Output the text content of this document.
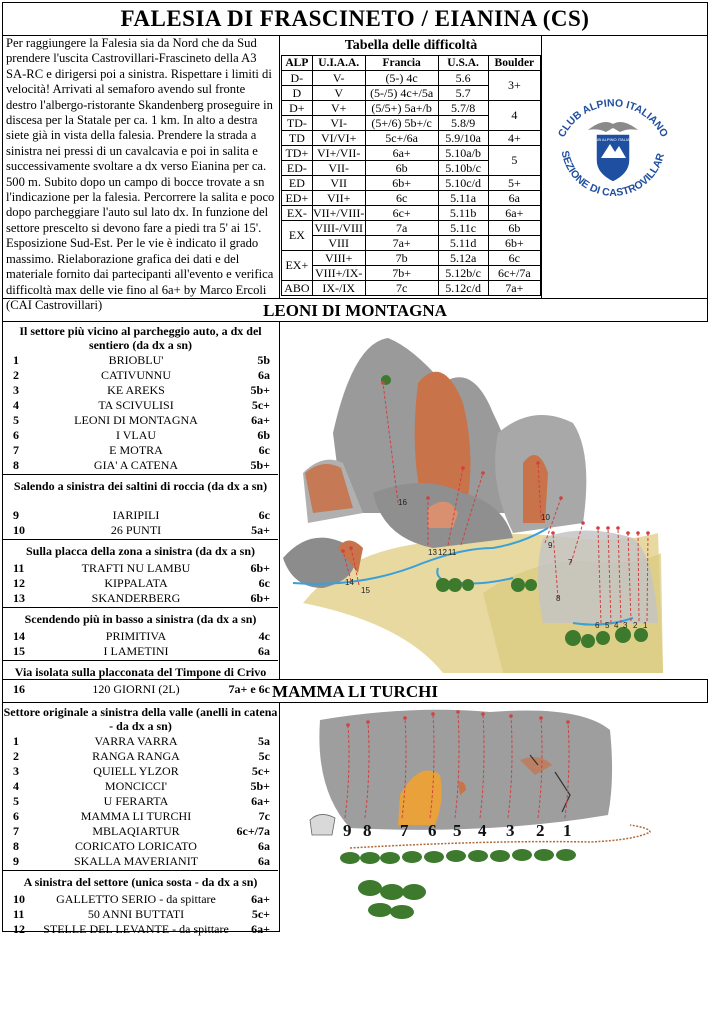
FALESIA DI FRASCINETO / EIANINA (CS)
Per raggiungere la Falesia sia da Nord che da Sud prendere l'uscita Castrovillari-Frascineto della A3 SA-RC e dirigersi poi a sinistra. Rispettare i limiti di velocità! Arrivati al semaforo avendo sul fronte destro l'albergo-ristorante Skandenberg proseguire in discesa per la Statale per ca. 1 km. In alto a destra siete già in vista della falesia. Prendere la strada a sinistra nei pressi di un cavalcavia e poi in salita e successivamente svoltare a dx verso Eianina per ca. 500 m. Subito dopo un campo di bocce trovate a sn l'indicazione per la falesia. Percorrere la salita e poco dopo parcheggiare l'auto sul lato dx. In funzione del settore prescelto si devono fare a piedi tra 5' ai 15'. Esposizione Sud-Est. Per le vie è indicato il grado massimo. Rielaborazione grafica dei dati e del materiale fornito dai partecipanti all'evento e verifica difficoltà max delle vie fino al 6a+ by Marco Ercoli (CAI Castrovillari)
Tabella delle difficoltà
ALP	U.I.A.A.	Francia	U.S.A.	Boulder
D-	V-	(5-) 4c	5.6	3+
D	V	(5-/5) 4c+/5a	5.7	
D+	V+	(5/5+) 5a+/b	5.7/8	4
TD-	VI-	(5+/6) 5b+/c	5.8/9	
TD	VI/VI+	5c+/6a	5.9/10a	4+
TD+	VI+/VII-	6a+	5.10a/b	5
ED-	VII-	6b	5.10b/c	
ED	VII	6b+	5.10c/d	5+
ED+	VII+	6c	5.11a	6a
EX-	VII+/VIII-	6c+	5.11b	6a+
EX	VIII-/VIII	7a	5.11c	6b
	VIII	7a+	5.11d	6b+
EX+	VIII+	7b	5.12a	6c
	VIII+/IX-	7b+	5.12b/c	6c+/7a
ABO	IX-/IX	7c	5.12c/d	7a+
CLUB ALPINO ITALIANO
SEZIONE DI CASTROVILLAR
CLUB ALPINO ITALIANO
LEONI DI MONTAGNA
Il settore più vicino al parcheggio auto, a dx del sentiero (da dx a sn)
1	BRIOBLU'	5b
2	CATIVUNNU	6a
3	KE AREKS	5b+
4	TA SCIVULISI	5c+
5	LEONI DI MONTAGNA	6a+
6	I VLAU	6b
7	E MOTRA	6c
8	GIA' A CATENA	5b+
Salendo a sinistra dei saltini di roccia (da dx a sn)
9	IARIPILI	6c
10	26 PUNTI	5a+
Sulla placca della zona a sinistra (da dx a sn)
11	TRAFTI NU LAMBU	6b+
12	KIPPALATA	6c
13	SKANDERBERG	6b+
Scendendo più in basso a sinistra (da dx a sn)
14	PRIMITIVA	4c
15	I LAMETINI	6a
Via isolata sulla placconata del Timpone di Crivo
16	120 GIORNI (2L)	7a+ e 6c
16
15
14
13 12 11
10
9
8
7
6 5 4 3 2 1
MAMMA LI TURCHI
Settore originale a sinistra della valle (anelli in catena - da dx a sn)
1	VARRA VARRA	5a
2	RANGA RANGA	5c
3	QUIELL YLZOR	5c+
4	MONCICCI'	5b+
5	U FERARTA	6a+
6	MAMMA LI TURCHI	7c
7	MBLAQIARTUR	6c+/7a
8	CORICATO LORICATO	6a
9	SKALLA MAVERIANIT	6a
A sinistra del settore (unica sosta - da dx a sn)
10	GALLETTO SERIO - da spittare	6a+
11	50 ANNI BUTTATI	5c+
12	STELLE DEL LEVANTE - da spittare	6a+
9 8 7 6 5 4 3 2 1
